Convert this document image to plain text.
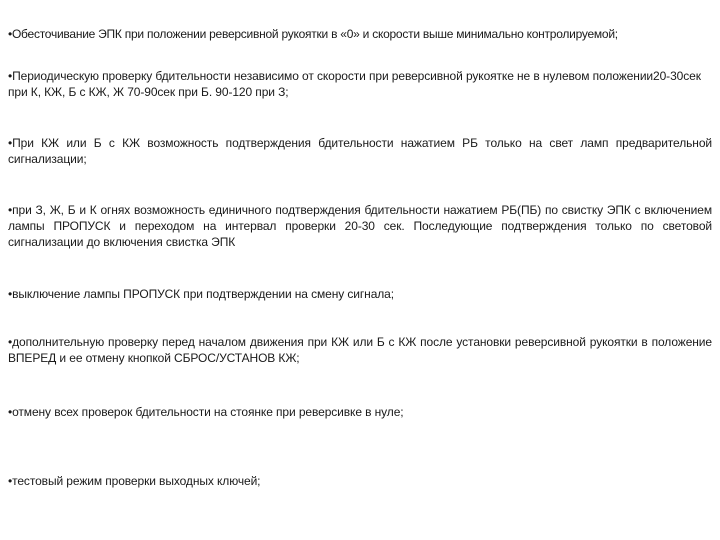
•Обесточивание ЭПК при положении реверсивной рукоятки в «0» и скорости выше минимально контролируемой;

•Периодическую проверку бдительности независимо от скорости при реверсивной рукоятке не в нулевом положении20-30сек при К, КЖ, Б с КЖ, Ж 70-90сек при Б. 90-120 при З;

•При КЖ или Б с КЖ возможность подтверждения бдительности нажатием РБ только на свет ламп предварительной сигнализации;

•при З, Ж, Б и К огнях возможность единичного подтверждения бдительности нажатием РБ(ПБ) по свистку ЭПК с включением лампы ПРОПУСК и переходом на интервал проверки 20-30 сек. Последующие подтверждения только по световой сигнализации до включения свистка ЭПК

•выключение лампы ПРОПУСК при подтверждении на смену сигнала;

•дополнительную проверку перед началом движения при КЖ или Б с КЖ после установки реверсивной рукоятки в положение ВПЕРЕД и ее отмену кнопкой СБРОС/УСТАНОВ КЖ;

•отмену всех проверок бдительности на стоянке при реверсивке в нуле;

•тестовый режим проверки выходных ключей;
